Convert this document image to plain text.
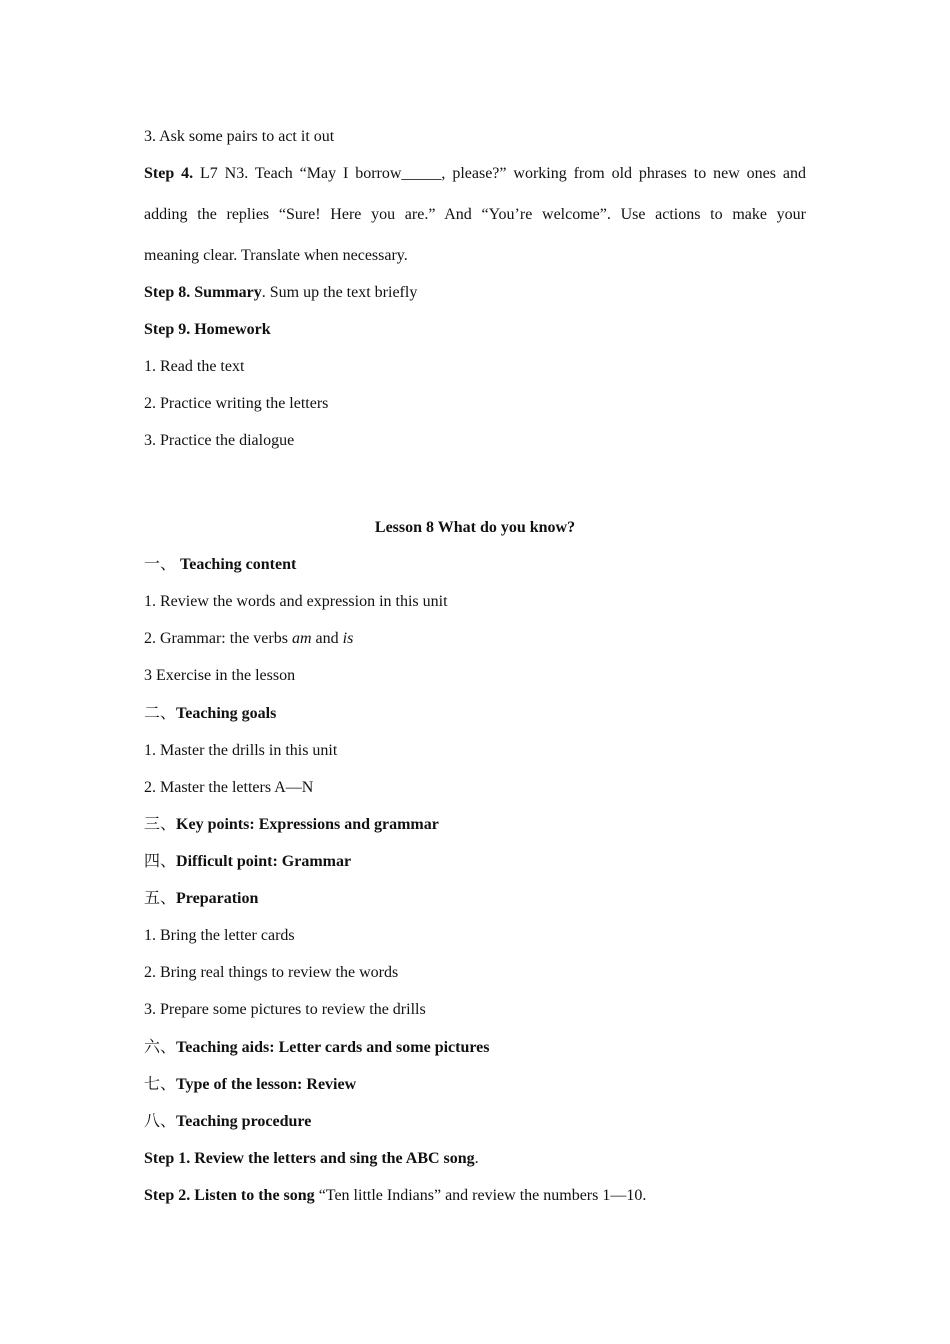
3. Ask some pairs to act it out

Step 4. L7 N3. Teach “May I borrow_____, please?” working from old phrases to new ones and

adding the replies “Sure! Here you are.” And “You’re welcome”. Use actions to make your

meaning clear. Translate when necessary.

Step 8. Summary. Sum up the text briefly

Step 9. Homework

1. Read the text

2. Practice writing the letters

3. Practice the dialogue

Lesson 8 What do you know?

一、 Teaching content

1. Review the words and expression in this unit

2. Grammar: the verbs am and is

3 Exercise in the lesson

二、Teaching goals

1. Master the drills in this unit

2. Master the letters A—N

三、Key points: Expressions and grammar

四、Difficult point: Grammar

五、Preparation

1. Bring the letter cards

2. Bring real things to review the words

3. Prepare some pictures to review the drills

六、Teaching aids: Letter cards and some pictures

七、Type of the lesson: Review

八、Teaching procedure

Step 1. Review the letters and sing the ABC song.

Step 2. Listen to the song “Ten little Indians” and review the numbers 1—10.
